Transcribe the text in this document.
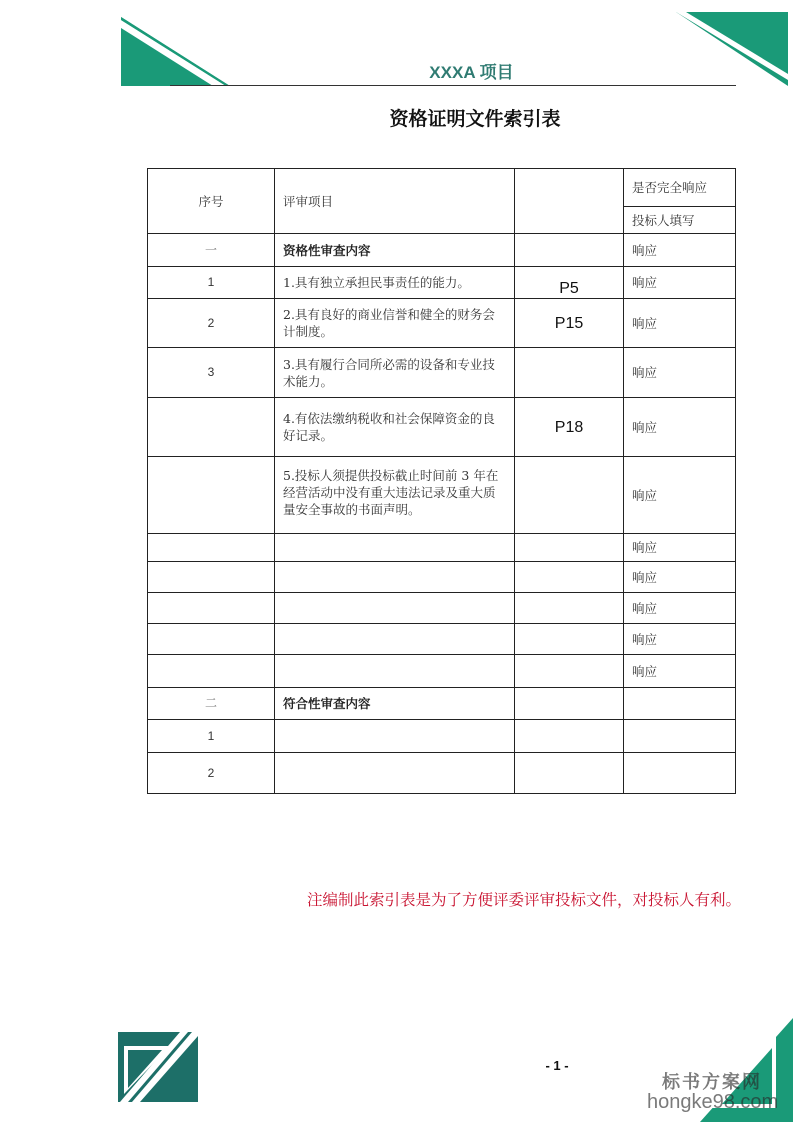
XXXA 项目
资格证明文件索引表
序号	评审项目		是否完全响应
			投标人填写
一	资格性审查内容		响应
1	1.具有独立承担民事责任的能力。	P5	响应
2	2.具有良好的商业信誉和健全的财务会计制度。	P15	响应
3	3.具有履行合同所必需的设备和专业技术能力。		响应
	4.有依法缴纳税收和社会保障资金的良好记录。	P18	响应
	5.投标人须提供投标截止时间前 3 年在经营活动中没有重大违法记录及重大质量安全事故的书面声明。		响应
			响应
			响应
			响应
			响应
			响应
二	符合性审查内容		
1			
2			
注编制此索引表是为了方便评委评审投标文件，对投标人有利。
- 1 -
标书方案网
hongke98.com
